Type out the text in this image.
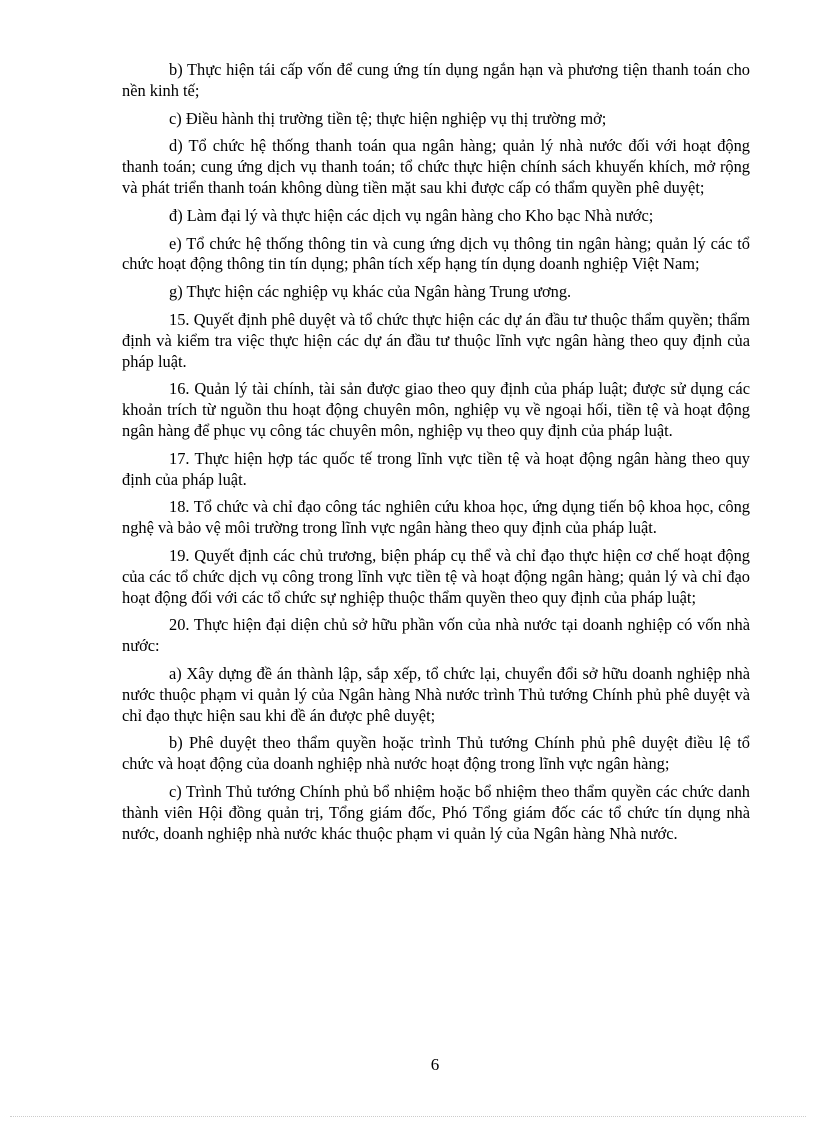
b) Thực hiện tái cấp vốn để cung ứng tín dụng ngắn hạn và phương tiện thanh toán cho nền kinh tế;

c) Điều hành thị trường tiền tệ; thực hiện nghiệp vụ thị trường mở;

d) Tổ chức hệ thống thanh toán qua ngân hàng; quản lý nhà nước đối với hoạt động thanh toán; cung ứng dịch vụ thanh toán; tổ chức thực hiện chính sách khuyến khích, mở rộng và phát triển thanh toán không dùng tiền mặt sau khi được cấp có thẩm quyền phê duyệt;

đ) Làm đại lý và thực hiện các dịch vụ ngân hàng cho Kho bạc Nhà nước;

e) Tổ chức hệ thống thông tin và cung ứng dịch vụ thông tin ngân hàng; quản lý các tổ chức hoạt động thông tin tín dụng; phân tích xếp hạng tín dụng doanh nghiệp Việt Nam;

g) Thực hiện các nghiệp vụ khác của Ngân hàng Trung ương.

15. Quyết định phê duyệt và tổ chức thực hiện các dự án đầu tư thuộc thẩm quyền; thẩm định và kiểm tra việc thực hiện các dự án đầu tư thuộc lĩnh vực ngân hàng theo quy định của pháp luật.

16. Quản lý tài chính, tài sản được giao theo quy định của pháp luật; được sử dụng các khoản trích từ nguồn thu hoạt động chuyên môn, nghiệp vụ về ngoại hối, tiền tệ và hoạt động ngân hàng để phục vụ công tác chuyên môn, nghiệp vụ theo quy định của pháp luật.

17. Thực hiện hợp tác quốc tế trong lĩnh vực tiền tệ và hoạt động ngân hàng theo quy định của pháp luật.

18. Tổ chức và chỉ đạo công tác nghiên cứu khoa học, ứng dụng tiến bộ khoa học, công nghệ và bảo vệ môi trường trong lĩnh vực ngân hàng theo quy định của pháp luật.

19. Quyết định các chủ trương, biện pháp cụ thể và chỉ đạo thực hiện cơ chế hoạt động của các tổ chức dịch vụ công trong lĩnh vực tiền tệ và hoạt động ngân hàng; quản lý và chỉ đạo hoạt động đối với các tổ chức sự nghiệp thuộc thẩm quyền theo quy định của pháp luật;

20. Thực hiện đại diện chủ sở hữu phần vốn của nhà nước tại doanh nghiệp có vốn nhà nước:

a) Xây dựng đề án thành lập, sắp xếp, tổ chức lại, chuyển đổi sở hữu doanh nghiệp nhà nước thuộc phạm vi quản lý của Ngân hàng Nhà nước trình Thủ tướng Chính phủ phê duyệt và chỉ đạo thực hiện sau khi đề án được phê duyệt;

b) Phê duyệt theo thẩm quyền hoặc trình Thủ tướng Chính phủ phê duyệt điều lệ tổ chức và hoạt động của doanh nghiệp nhà nước hoạt động trong lĩnh vực ngân hàng;

c) Trình Thủ tướng Chính phủ bổ nhiệm hoặc bổ nhiệm theo thẩm quyền các chức danh thành viên Hội đồng quản trị, Tổng giám đốc, Phó Tổng giám đốc các tổ chức tín dụng nhà nước, doanh nghiệp nhà nước khác thuộc phạm vi quản lý của Ngân hàng Nhà nước.

6
